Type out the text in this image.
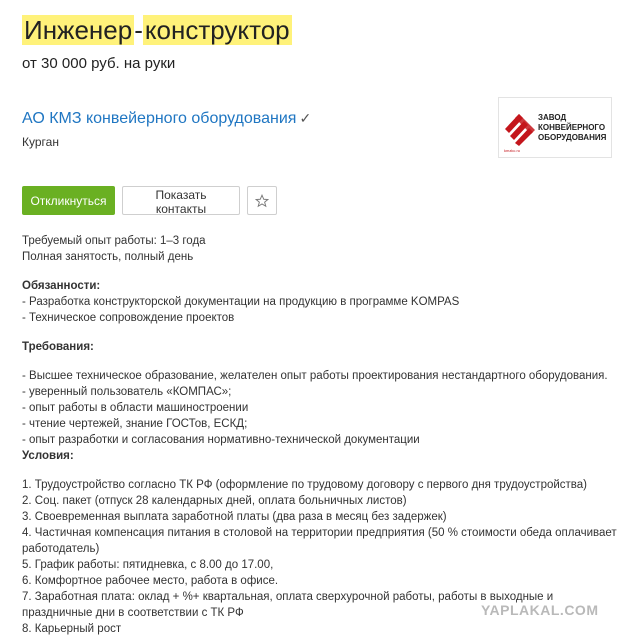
Инженер-конструктор
от 30 000 руб. на руки
АО КМЗ конвейерного оборудования ✓
Курган
ЗАВОД
КОНВЕЙЕРНОГО
ОБОРУДОВАНИЯ
kmzkc.ru
Откликнуться	Показать контакты

Требуемый опыт работы: 1–3 года

Полная занятость, полный день

Обязанности:

- Разработка конструкторской документации на продукцию в программе KOMPAS

- Техническое сопровождение проектов

Требования:

- Высшее техническое образование, желателен опыт работы проектирования нестандартного оборудования.

- уверенный пользователь «КОМПАС»;

- опыт работы в области машиностроении

- чтение чертежей, знание ГОСТов, ЕСКД;

- опыт разработки и согласования нормативно-технической документации

Условия:

1. Трудоустройство согласно ТК РФ (оформление по трудовому договору с первого дня трудоустройства)

2. Соц. пакет (отпуск 28 календарных дней, оплата больничных листов)

3. Своевременная выплата заработной платы (два раза в месяц без задержек)

4. Частичная компенсация питания в столовой на территории предприятия (50 % стоимости обеда оплачивает работодатель)

5. График работы: пятидневка, с 8.00 до 17.00,

6. Комфортное рабочее место, работа в офисе.

7. Заработная плата: оклад + %+ квартальная, оплата сверхурочной работы, работы в выходные и праздничные дни в соответствии с ТК РФ

8. Карьерный рост

YAPLAKAL.COM
